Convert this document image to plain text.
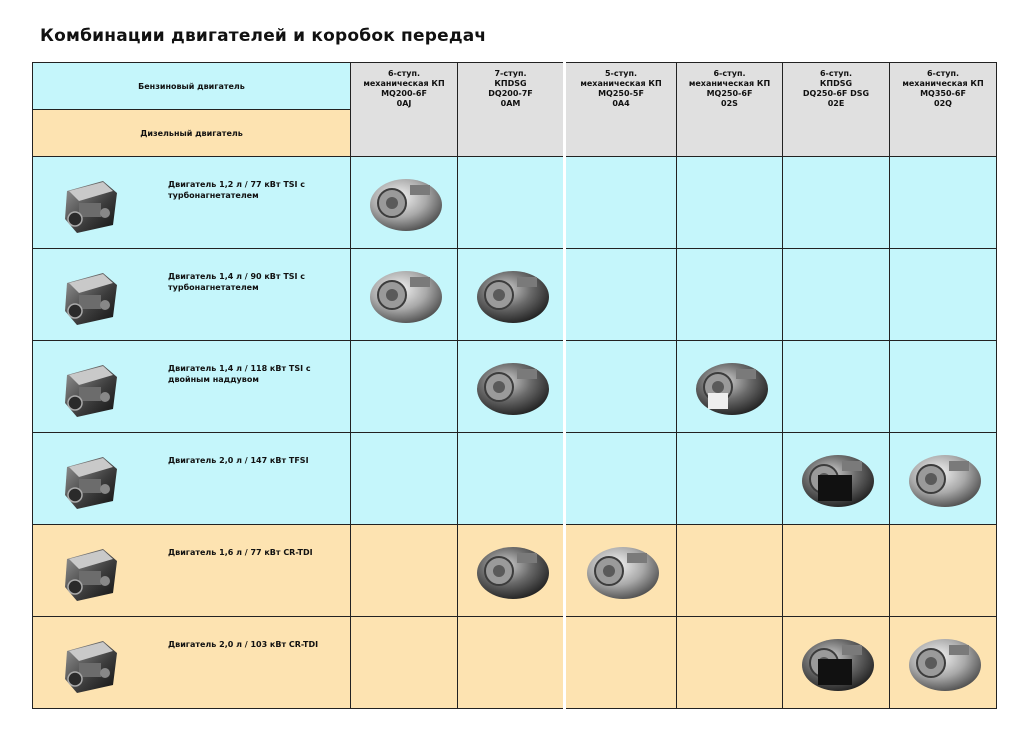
Комбинации двигателей и коробок передач
Бензиновый двигатель	6-ступ.
механическая КП
MQ200-6F
0AJ	7-ступ.
КПDSG
DQ200-7F
0AM	5-ступ.
механическая КП
MQ250-5F
0A4	6-ступ.
механическая КП
MQ250-6F
02S	6-ступ.
КПDSG
DQ250-6F DSG
02E	6-ступ.
механическая КП
MQ350-6F
02Q

Дизельный двигатель						

Двигатель 1,2 л / 77 кВт TSI с турбонагнетателем

Двигатель 1,4 л / 90 кВт TSI с турбонагнетателем

Двигатель 1,4 л / 118 кВт TSI с двойным наддувом

Двигатель 2,0 л / 147 кВт TFSI

Двигатель 1,6 л / 77 кВт CR-TDI

Двигатель 2,0 л / 103 кВт CR-TDI
